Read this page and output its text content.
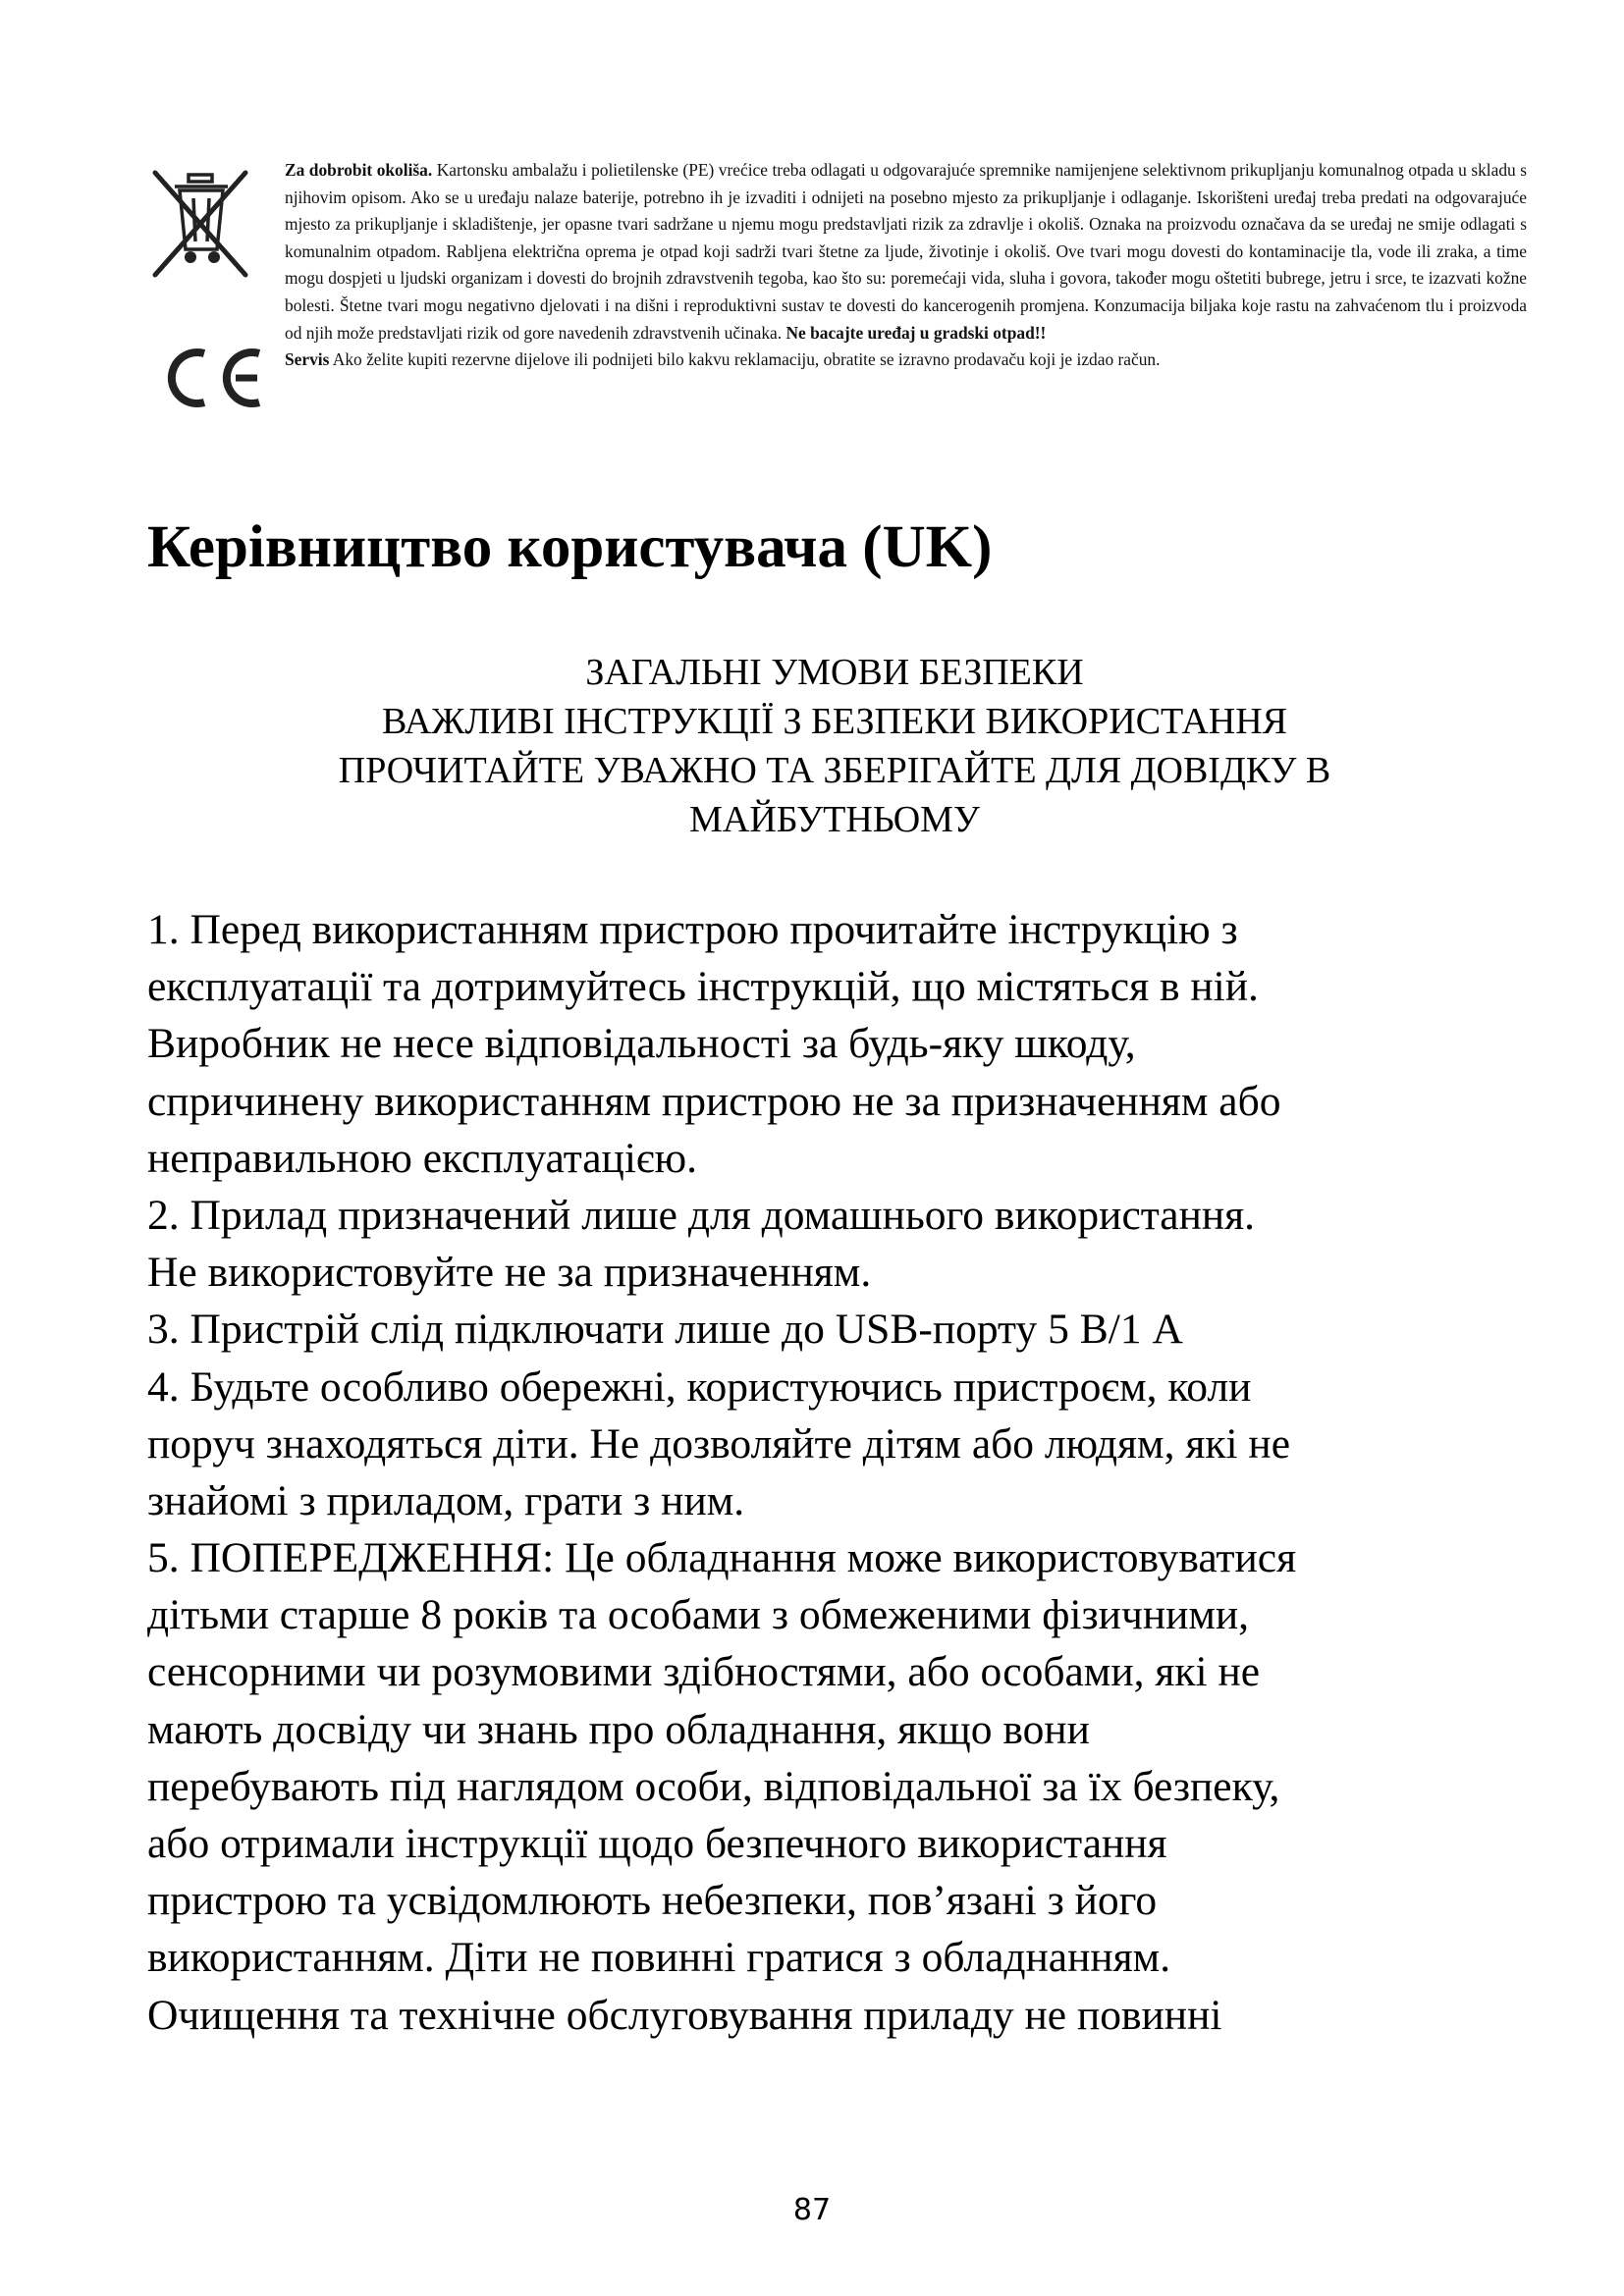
Za dobrobit okoliša. Kartonsku ambalažu i polietilenske (PE) vrećice treba odlagati u odgovarajuće spremnike namijenjene selektivnom prikupljanju komunalnog otpada u skladu s njihovim opisom. Ako se u uređaju nalaze baterije, potrebno ih je izvaditi i odnijeti na posebno mjesto za prikupljanje i odlaganje. Iskorišteni uređaj treba predati na odgovarajuće mjesto za prikupljanje i skladištenje, jer opasne tvari sadržane u njemu mogu predstavljati rizik za zdravlje i okoliš. Oznaka na proizvodu označava da se uređaj ne smije odlagati s komunalnim otpadom. Rabljena električna oprema je otpad koji sadrži tvari štetne za ljude, životinje i okoliš. Ove tvari mogu dovesti do kontaminacije tla, vode ili zraka, a time mogu dospjeti u ljudski organizam i dovesti do brojnih zdravstvenih tegoba, kao što su: poremećaji vida, sluha i govora, također mogu oštetiti bubrege, jetru i srce, te izazvati kožne bolesti. Štetne tvari mogu negativno djelovati i na dišni i reproduktivni sustav te dovesti do kancerogenih promjena. Konzumacija biljaka koje rastu na zahvaćenom tlu i proizvoda od njih može predstavljati rizik od gore navedenih zdravstvenih učinaka. Ne bacajte uređaj u gradski otpad!!
Servis Ako želite kupiti rezervne dijelove ili podnijeti bilo kakvu reklamaciju, obratite se izravno prodavaču koji je izdao račun.
Керівництво користувача (UK)
ЗАГАЛЬНІ УМОВИ БЕЗПЕКИ
ВАЖЛИВІ ІНСТРУКЦІЇ З БЕЗПЕКИ ВИКОРИСТАННЯ
ПРОЧИТАЙТЕ УВАЖНО ТА ЗБЕРІГАЙТЕ ДЛЯ ДОВІДКУ В
МАЙБУТНЬОМУ
1. Перед використанням пристрою прочитайте інструкцію з
експлуатації та дотримуйтесь інструкцій, що містяться в ній.
Виробник не несе відповідальності за будь-яку шкоду,
спричинену використанням пристрою не за призначенням або
неправильною експлуатацією.
2. Прилад призначений лише для домашнього використання.
Не використовуйте не за призначенням.
3. Пристрій слід підключати лише до USB-порту 5 В/1 А
4. Будьте особливо обережні, користуючись пристроєм, коли
поруч знаходяться діти. Не дозволяйте дітям або людям, які не
знайомі з приладом, грати з ним.
5. ПОПЕРЕДЖЕННЯ: Це обладнання може використовуватися
дітьми старше 8 років та особами з обмеженими фізичними,
сенсорними чи розумовими здібностями, або особами, які не
мають досвіду чи знань про обладнання, якщо вони
перебувають під наглядом особи, відповідальної за їх безпеку,
або отримали інструкції щодо безпечного використання
пристрою та усвідомлюють небезпеки, пов’язані з його
використанням. Діти не повинні гратися з обладнанням.
Очищення та технічне обслуговування приладу не повинні
87
